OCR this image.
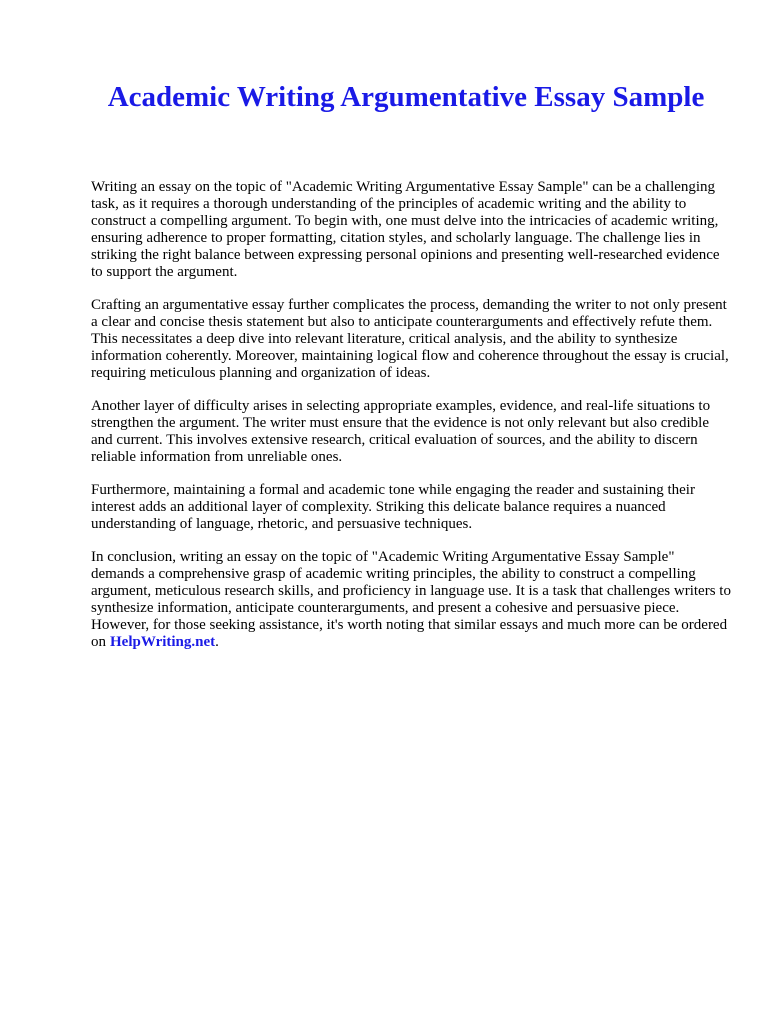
Academic Writing Argumentative Essay Sample

Writing an essay on the topic of "Academic Writing Argumentative Essay Sample" can be a challenging task, as it requires a thorough understanding of the principles of academic writing and the ability to construct a compelling argument. To begin with, one must delve into the intricacies of academic writing, ensuring adherence to proper formatting, citation styles, and scholarly language. The challenge lies in striking the right balance between expressing personal opinions and presenting well-researched evidence to support the argument.

Crafting an argumentative essay further complicates the process, demanding the writer to not only present a clear and concise thesis statement but also to anticipate counterarguments and effectively refute them. This necessitates a deep dive into relevant literature, critical analysis, and the ability to synthesize information coherently. Moreover, maintaining logical flow and coherence throughout the essay is crucial, requiring meticulous planning and organization of ideas.

Another layer of difficulty arises in selecting appropriate examples, evidence, and real-life situations to strengthen the argument. The writer must ensure that the evidence is not only relevant but also credible and current. This involves extensive research, critical evaluation of sources, and the ability to discern reliable information from unreliable ones.

Furthermore, maintaining a formal and academic tone while engaging the reader and sustaining their interest adds an additional layer of complexity. Striking this delicate balance requires a nuanced understanding of language, rhetoric, and persuasive techniques.

In conclusion, writing an essay on the topic of "Academic Writing Argumentative Essay Sample" demands a comprehensive grasp of academic writing principles, the ability to construct a compelling argument, meticulous research skills, and proficiency in language use. It is a task that challenges writers to synthesize information, anticipate counterarguments, and present a cohesive and persuasive piece. However, for those seeking assistance, it's worth noting that similar essays and much more can be ordered on HelpWriting.net.
